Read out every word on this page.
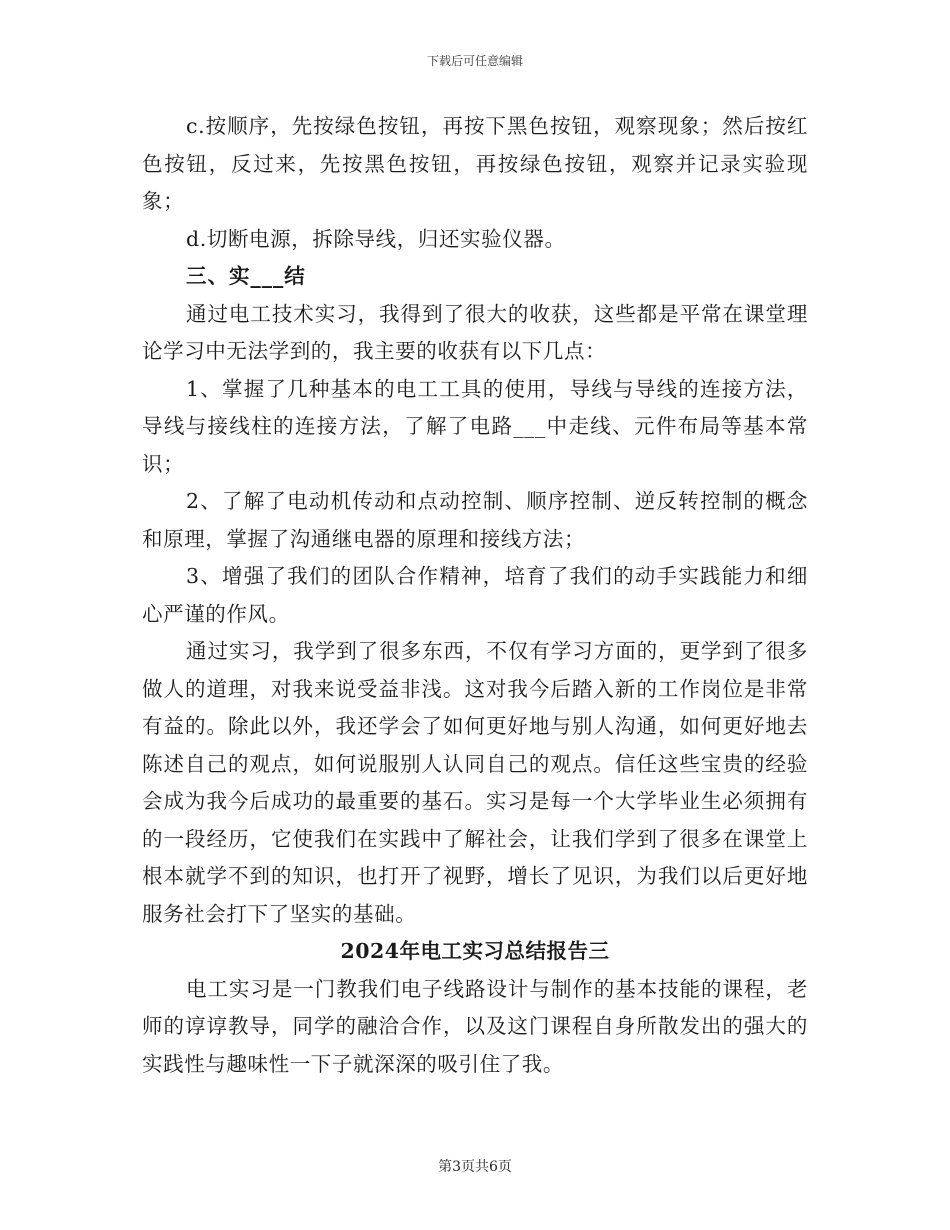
下载后可任意编辑

c.按顺序，先按绿色按钮，再按下黑色按钮，观察现象；然后按红色按钮，反过来，先按黑色按钮，再按绿色按钮，观察并记录实验现象；

d.切断电源，拆除导线，归还实验仪器。

三、实___结

通过电工技术实习，我得到了很大的收获，这些都是平常在课堂理论学习中无法学到的，我主要的收获有以下几点：

1、掌握了几种基本的电工工具的使用，导线与导线的连接方法，导线与接线柱的连接方法，了解了电路___中走线、元件布局等基本常识；

2、了解了电动机传动和点动控制、顺序控制、逆反转控制的概念和原理，掌握了沟通继电器的原理和接线方法；

3、增强了我们的团队合作精神，培育了我们的动手实践能力和细心严谨的作风。

通过实习，我学到了很多东西，不仅有学习方面的，更学到了很多做人的道理，对我来说受益非浅。这对我今后踏入新的工作岗位是非常有益的。除此以外，我还学会了如何更好地与别人沟通，如何更好地去陈述自己的观点，如何说服别人认同自己的观点。信任这些宝贵的经验会成为我今后成功的最重要的基石。实习是每一个大学毕业生必须拥有的一段经历，它使我们在实践中了解社会，让我们学到了很多在课堂上根本就学不到的知识，也打开了视野，增长了见识，为我们以后更好地服务社会打下了坚实的基础。

2024年电工实习总结报告三

电工实习是一门教我们电子线路设计与制作的基本技能的课程，老师的谆谆教导，同学的融洽合作，以及这门课程自身所散发出的强大的实践性与趣味性一下子就深深的吸引住了我。

第3页共6页
